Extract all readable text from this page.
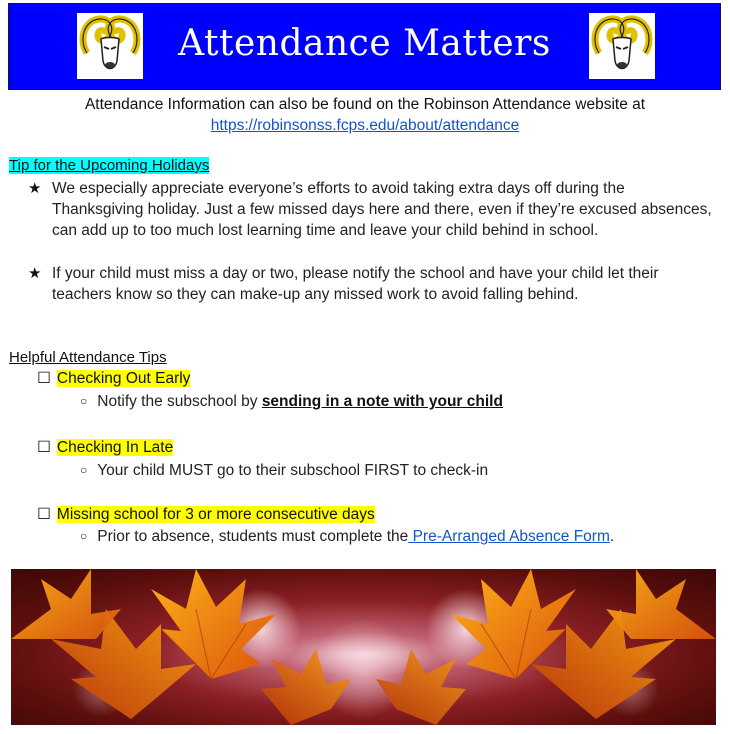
Attendance Matters
Attendance Information can also be found on the Robinson Attendance website at
https://robinsonss.fcps.edu/about/attendance
Tip for the Upcoming Holidays
★ We especially appreciate everyone’s efforts to avoid taking extra days off during the Thanksgiving holiday. Just a few missed days here and there, even if they’re excused absences, can add up to too much lost learning time and leave your child behind in school.
★ If your child must miss a day or two, please notify the school and have your child let their teachers know so they can make-up any missed work to avoid falling behind.
Helpful Attendance Tips
☐ Checking Out Early
○ Notify the subschool by sending in a note with your child
☐ Checking In Late
○ Your child MUST go to their subschool FIRST to check-in
☐ Missing school for 3 or more consecutive days
○ Prior to absence, students must complete the Pre-Arranged Absence Form.
